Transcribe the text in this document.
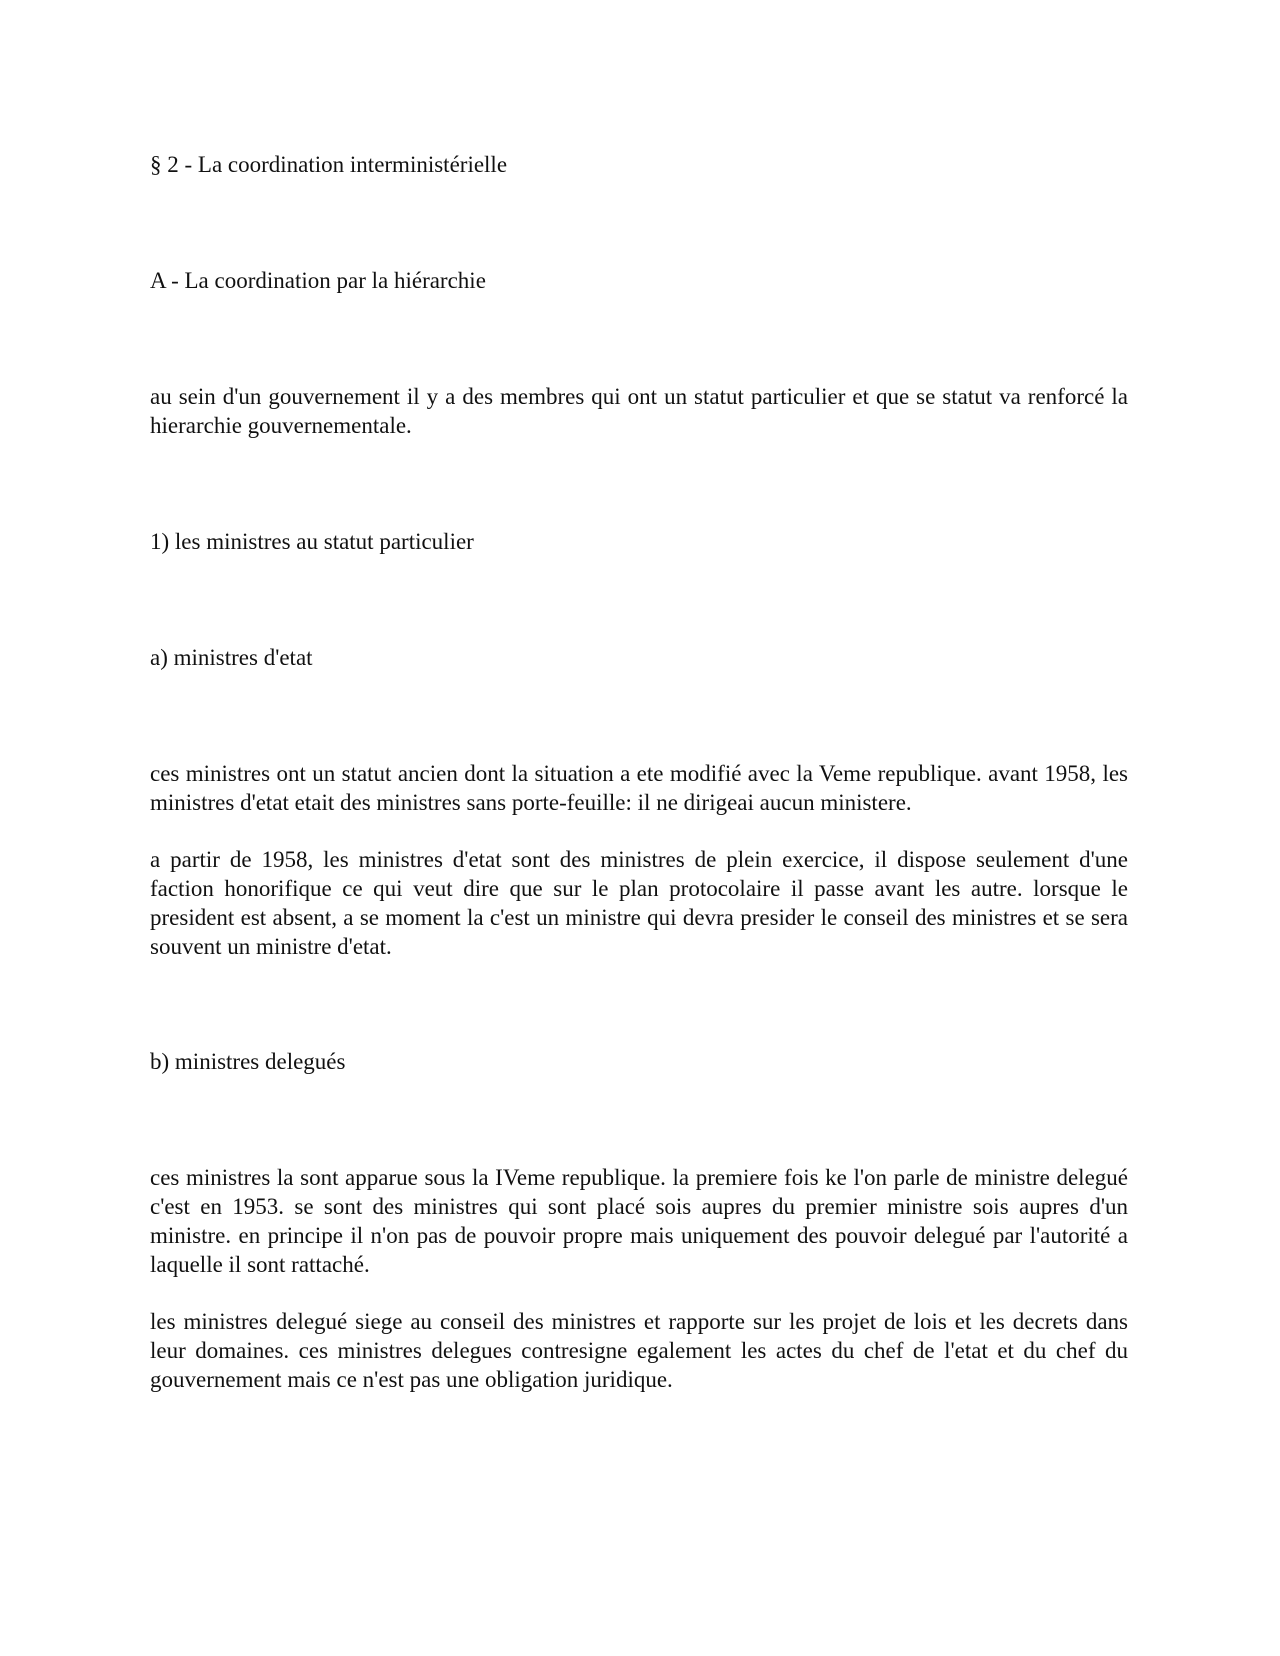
§ 2 - La coordination interministérielle
A - La coordination par la hiérarchie
au sein d'un gouvernement il y a des membres qui ont un statut particulier et que se statut va renforcé la hierarchie gouvernementale.
1) les ministres au statut particulier
a) ministres d'etat
ces ministres ont un statut ancien dont la situation a ete modifié avec la Veme republique. avant 1958, les ministres d'etat etait des ministres sans porte-feuille: il ne dirigeai aucun ministere.
a partir de 1958, les ministres d'etat sont des ministres de plein exercice, il dispose seulement d'une faction honorifique ce qui veut dire que sur le plan protocolaire il passe avant les autre. lorsque le president est absent, a se moment la c'est un ministre qui devra presider le conseil des ministres et se sera souvent un ministre d'etat.
b) ministres delegués
ces ministres la sont apparue sous la IVeme republique. la premiere fois ke l'on parle de ministre delegué c'est en 1953. se sont des ministres qui sont placé sois aupres du premier ministre sois aupres d'un ministre. en principe il n'on pas de pouvoir propre mais uniquement des pouvoir delegué par l'autorité a laquelle il sont rattaché.
les ministres delegué siege au conseil des ministres et rapporte sur les projet de lois et les decrets dans leur domaines. ces ministres delegues contresigne egalement les actes du chef de l'etat et du chef du gouvernement mais ce n'est pas une obligation juridique.
